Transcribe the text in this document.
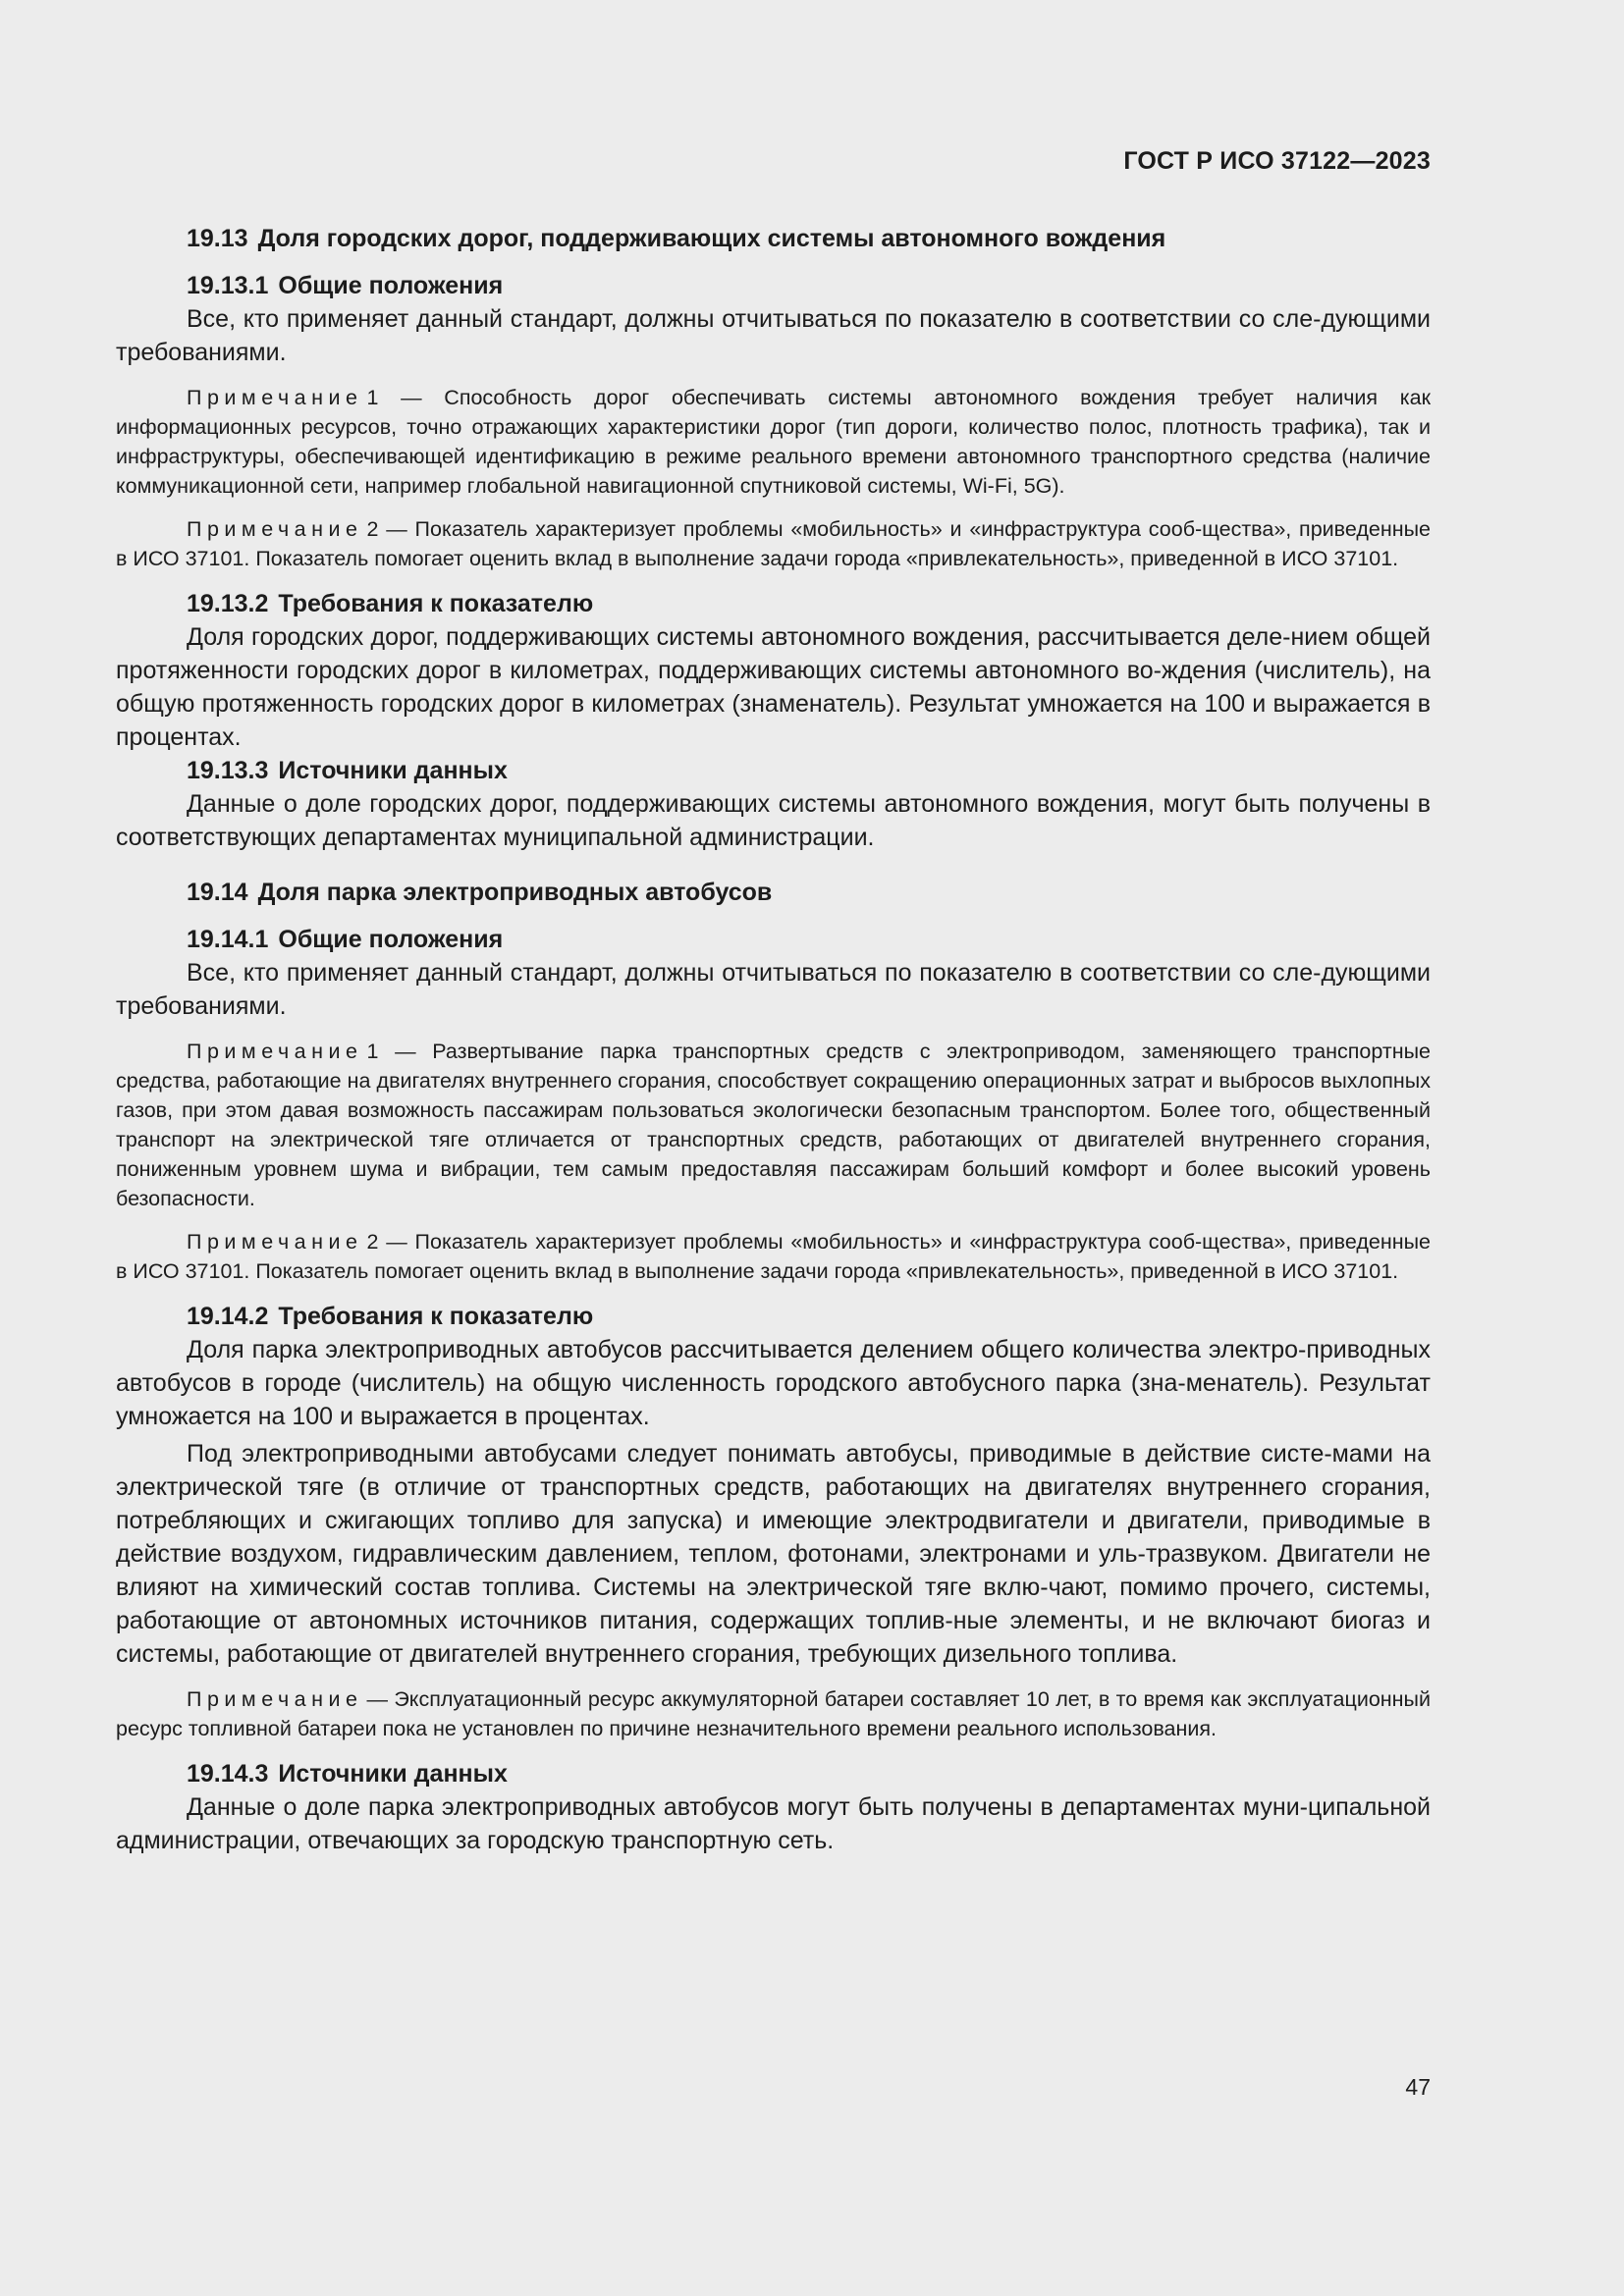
ГОСТ Р ИСО 37122—2023

19.13 Доля городских дорог, поддерживающих системы автономного вождения

19.13.1 Общие положения

Все, кто применяет данный стандарт, должны отчитываться по показателю в соответствии со сле-дующими требованиями.

Примечание 1 — Способность дорог обеспечивать системы автономного вождения требует наличия как информационных ресурсов, точно отражающих характеристики дорог (тип дороги, количество полос, плотность трафика), так и инфраструктуры, обеспечивающей идентификацию в режиме реального времени автономного транспортного средства (наличие коммуникационной сети, например глобальной навигационной спутниковой системы, Wi-Fi, 5G).

Примечание 2 — Показатель характеризует проблемы «мобильность» и «инфраструктура сооб-щества», приведенные в ИСО 37101. Показатель помогает оценить вклад в выполнение задачи города «привлекательность», приведенной в ИСО 37101.

19.13.2 Требования к показателю

Доля городских дорог, поддерживающих системы автономного вождения, рассчитывается деле-нием общей протяженности городских дорог в километрах, поддерживающих системы автономного во-ждения (числитель), на общую протяженность городских дорог в километрах (знаменатель). Результат умножается на 100 и выражается в процентах.

19.13.3 Источники данных

Данные о доле городских дорог, поддерживающих системы автономного вождения, могут быть получены в соответствующих департаментах муниципальной администрации.

19.14 Доля парка электроприводных автобусов

19.14.1 Общие положения

Все, кто применяет данный стандарт, должны отчитываться по показателю в соответствии со сле-дующими требованиями.

Примечание 1 — Развертывание парка транспортных средств с электроприводом, заменяющего транспортные средства, работающие на двигателях внутреннего сгорания, способствует сокращению операционных затрат и выбросов выхлопных газов, при этом давая возможность пассажирам пользоваться экологически безопасным транспортом. Более того, общественный транспорт на электрической тяге отличается от транспортных средств, работающих от двигателей внутреннего сгорания, пониженным уровнем шума и вибрации, тем самым предоставляя пассажирам больший комфорт и более высокий уровень безопасности.

Примечание 2 — Показатель характеризует проблемы «мобильность» и «инфраструктура сооб-щества», приведенные в ИСО 37101. Показатель помогает оценить вклад в выполнение задачи города «привлекательность», приведенной в ИСО 37101.

19.14.2 Требования к показателю

Доля парка электроприводных автобусов рассчитывается делением общего количества электро-приводных автобусов в городе (числитель) на общую численность городского автобусного парка (зна-менатель). Результат умножается на 100 и выражается в процентах.

Под электроприводными автобусами следует понимать автобусы, приводимые в действие систе-мами на электрической тяге (в отличие от транспортных средств, работающих на двигателях внутреннего сгорания, потребляющих и сжигающих топливо для запуска) и имеющие электродвигатели и двигатели, приводимые в действие воздухом, гидравлическим давлением, теплом, фотонами, электронами и уль-тразвуком. Двигатели не влияют на химический состав топлива. Системы на электрической тяге вклю-чают, помимо прочего, системы, работающие от автономных источников питания, содержащих топлив-ные элементы, и не включают биогаз и системы, работающие от двигателей внутреннего сгорания, требующих дизельного топлива.

Примечание — Эксплуатационный ресурс аккумуляторной батареи составляет 10 лет, в то время как эксплуатационный ресурс топливной батареи пока не установлен по причине незначительного времени реального использования.

19.14.3 Источники данных

Данные о доле парка электроприводных автобусов могут быть получены в департаментах муни-ципальной администрации, отвечающих за городскую транспортную сеть.

47
